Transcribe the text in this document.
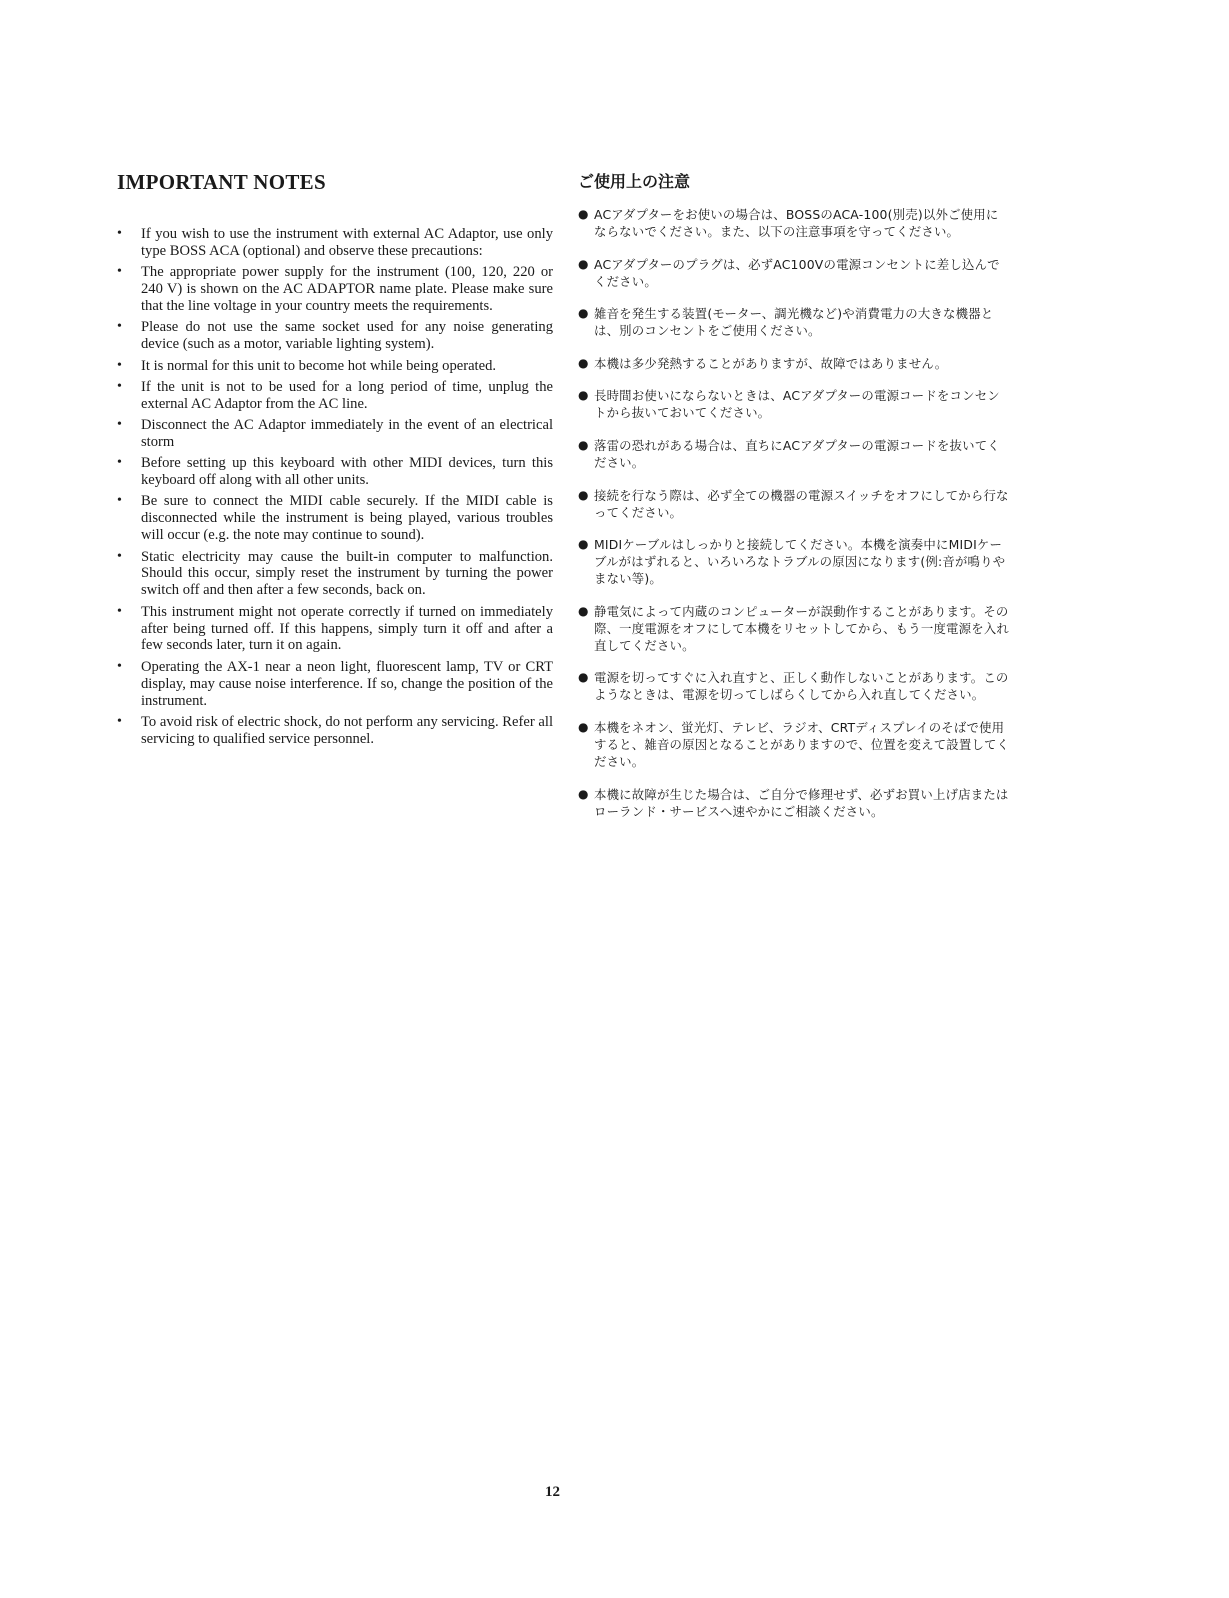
IMPORTANT NOTES
• If you wish to use the instrument with external AC Adaptor, use only type BOSS ACA (optional) and observe these precautions:
• The appropriate power supply for the instrument (100, 120, 220 or 240 V) is shown on the AC ADAPTOR name plate. Please make sure that the line voltage in your country meets the requirements.
• Please do not use the same socket used for any noise generating device (such as a motor, variable lighting system).
• It is normal for this unit to become hot while being operated.
• If the unit is not to be used for a long period of time, unplug the external AC Adaptor from the AC line.
• Disconnect the AC Adaptor immediately in the event of an electrical storm
• Before setting up this keyboard with other MIDI devices, turn this keyboard off along with all other units.
• Be sure to connect the MIDI cable securely. If the MIDI cable is disconnected while the instrument is being played, various troubles will occur (e.g. the note may continue to sound).
• Static electricity may cause the built-in computer to malfunction. Should this occur, simply reset the instrument by turning the power switch off and then after a few seconds, back on.
• This instrument might not operate correctly if turned on immediately after being turned off. If this happens, simply turn it off and after a few seconds later, turn it on again.
• Operating the AX-1 near a neon light, fluorescent lamp, TV or CRT display, may cause noise interference. If so, change the position of the instrument.
• To avoid risk of electric shock, do not perform any servicing. Refer all servicing to qualified service personnel.
ご使用上の注意
● ACアダプターをお使いの場合は、BOSSのACA-100(別売)以外ご使用にならないでください。また、以下の注意事項を守ってください。
● ACアダプターのプラグは、必ずAC100Vの電源コンセントに差し込んでください。
● 雑音を発生する装置(モーター、調光機など)や消費電力の大きな機器とは、別のコンセントをご使用ください。
● 本機は多少発熱することがありますが、故障ではありません。
● 長時間お使いにならないときは、ACアダプターの電源コードをコンセントから抜いておいてください。
● 落雷の恐れがある場合は、直ちにACアダプターの電源コードを抜いてください。
● 接続を行なう際は、必ず全ての機器の電源スイッチをオフにしてから行なってください。
● MIDIケーブルはしっかりと接続してください。本機を演奏中にMIDIケーブルがはずれると、いろいろなトラブルの原因になります(例:音が鳴りやまない等)。
● 静電気によって内蔵のコンピューターが誤動作することがあります。その際、一度電源をオフにして本機をリセットしてから、もう一度電源を入れ直してください。
● 電源を切ってすぐに入れ直すと、正しく動作しないことがあります。このようなときは、電源を切ってしばらくしてから入れ直してください。
● 本機をネオン、蛍光灯、テレビ、ラジオ、CRTディスプレイのそばで使用すると、雑音の原因となることがありますので、位置を変えて設置してください。
● 本機に故障が生じた場合は、ご自分で修理せず、必ずお買い上げ店またはローランド・サービスへ速やかにご相談ください。
12
